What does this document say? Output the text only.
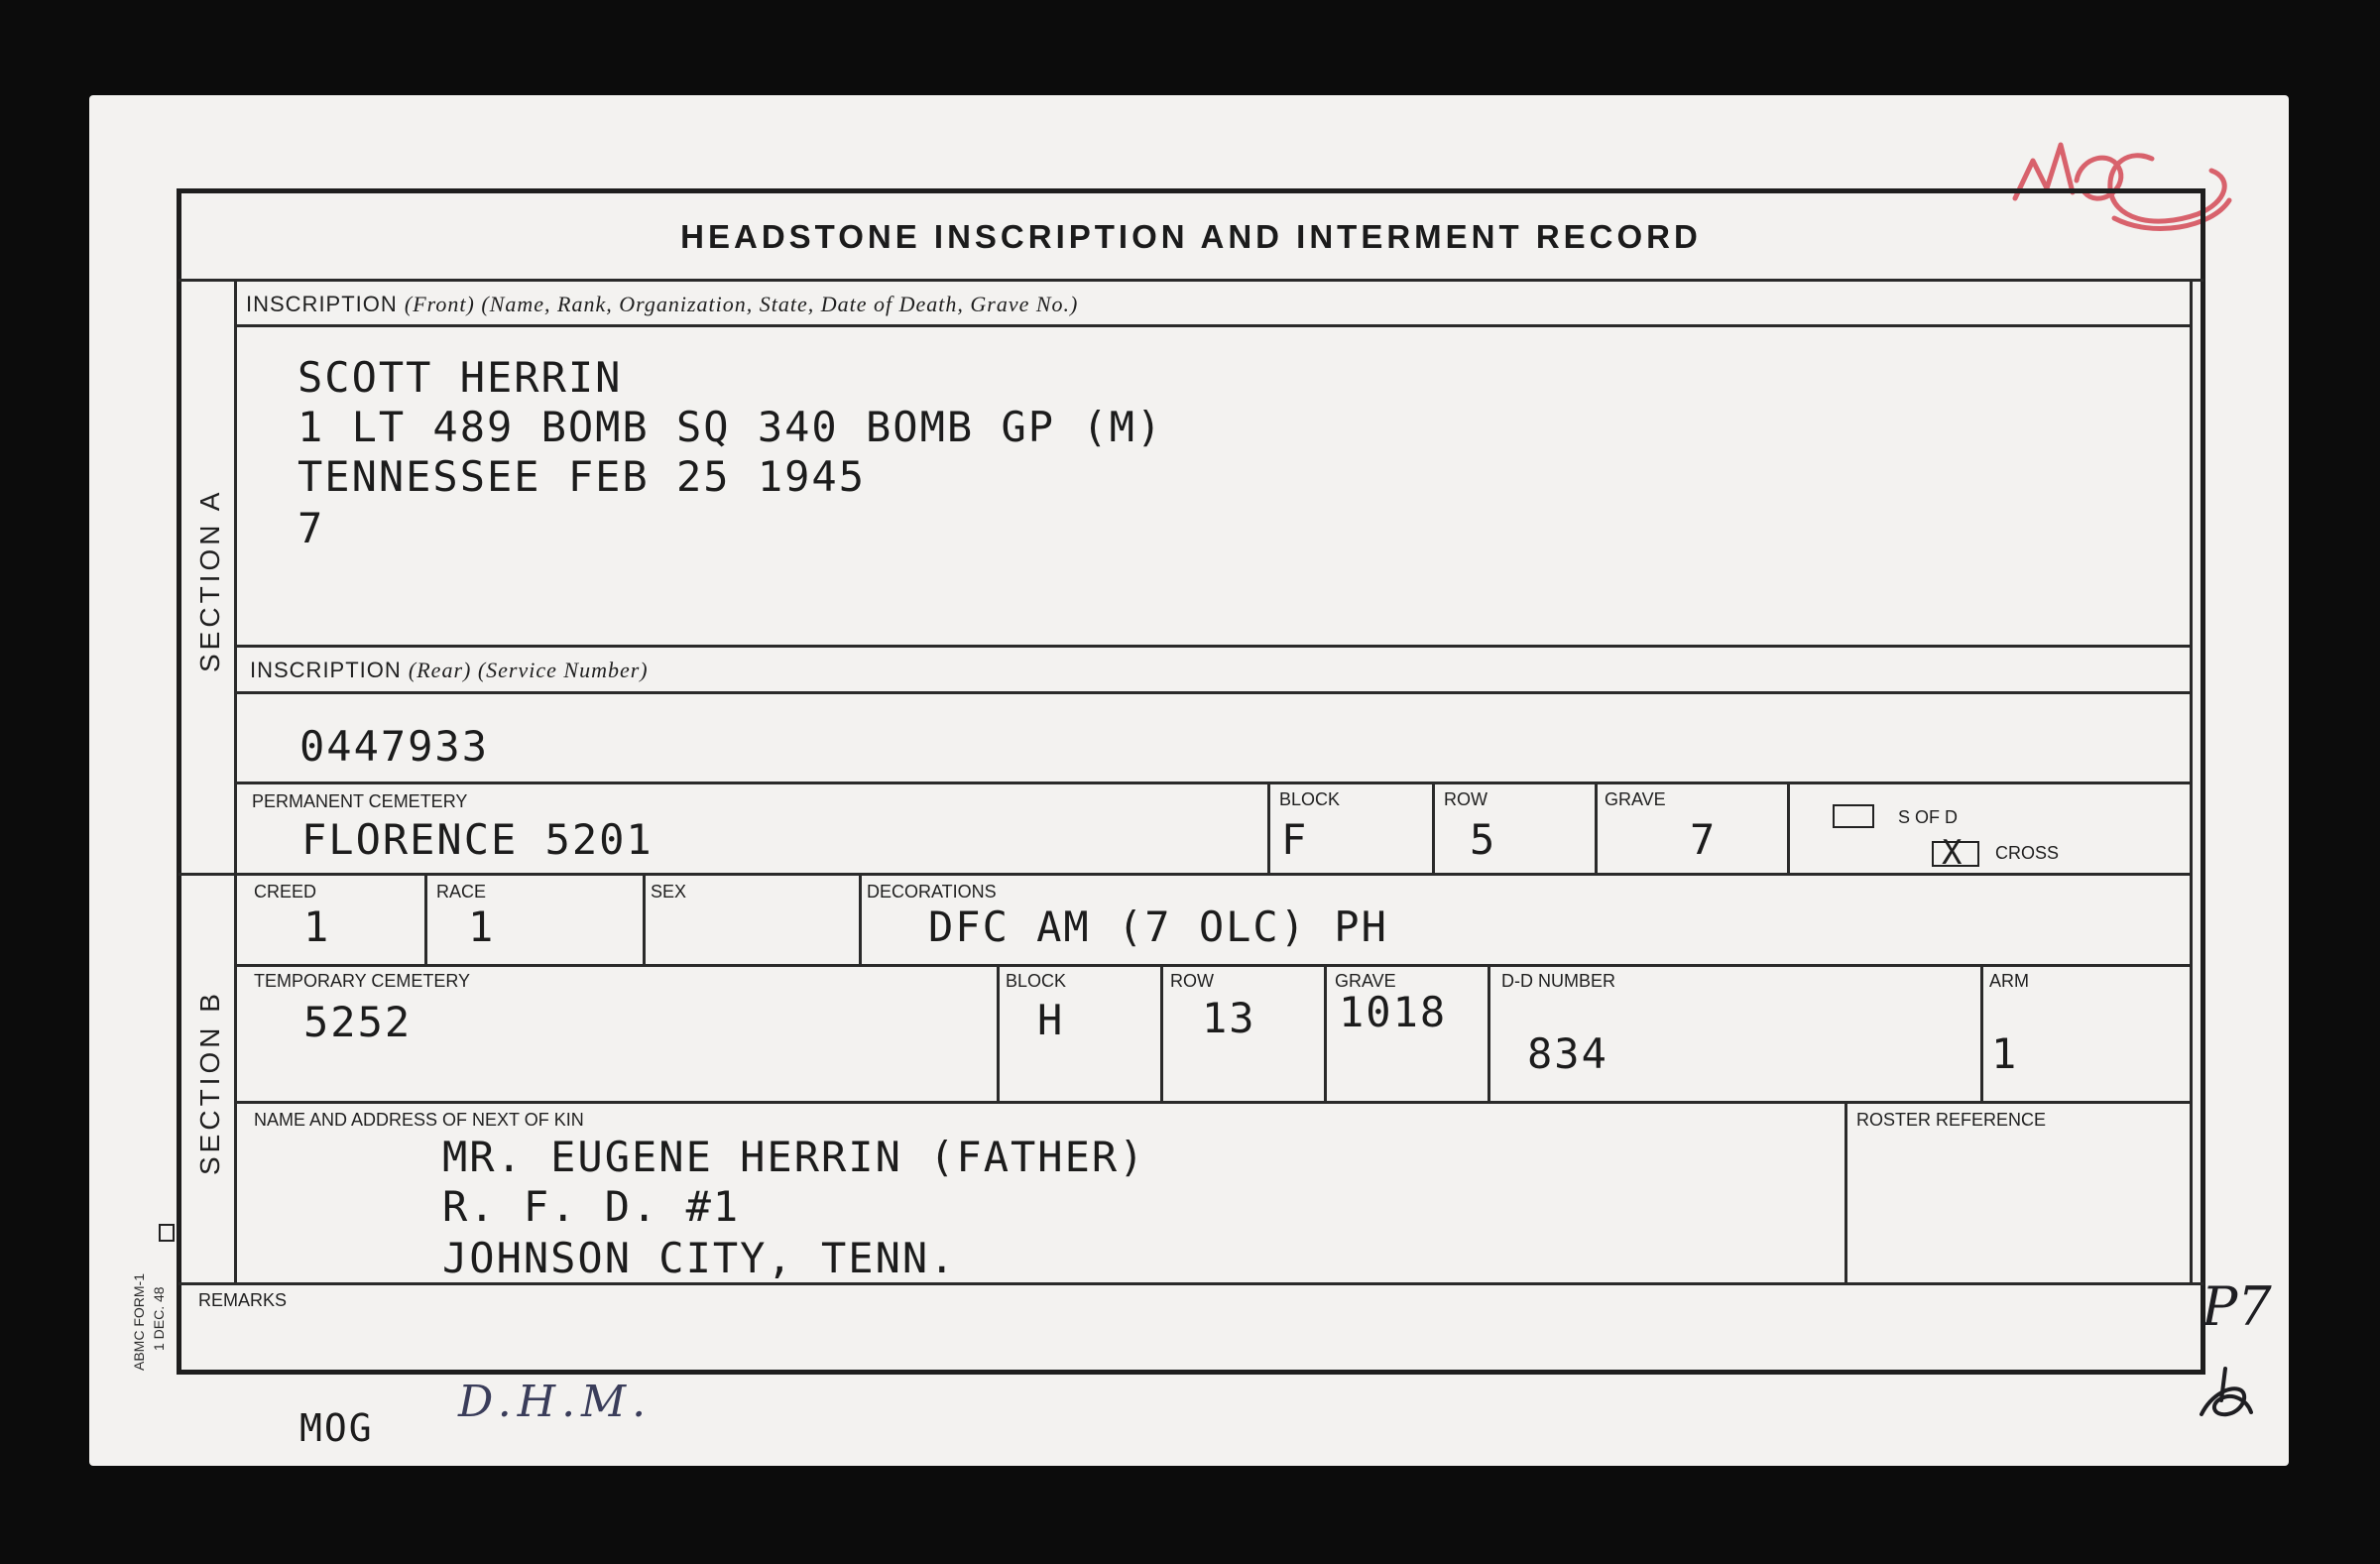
HEADSTONE INSCRIPTION AND INTERMENT RECORD
SECTION A
SECTION B
INSCRIPTION (Front) (Name, Rank, Organization, State, Date of Death, Grave No.)
SCOTT HERRIN
1 LT 489 BOMB SQ 340 BOMB GP (M)
TENNESSEE FEB 25 1945
7
INSCRIPTION (Rear) (Service Number)
0447933
PERMANENT CEMETERY
FLORENCE 5201
BLOCK
F
ROW
5
GRAVE
7	S OF D
X CROSS
CREED
1
RACE
1
SEX	DECORATIONS
DFC AM (7 OLC) PH
TEMPORARY CEMETERY
5252
BLOCK
H
ROW
13
GRAVE
1018
D-D NUMBER
834
ARM
1
NAME AND ADDRESS OF NEXT OF KIN
MR. EUGENE HERRIN (FATHER)
R. F. D. #1
JOHNSON CITY, TENN.
ROSTER REFERENCE
REMARKS
ABMC FORM-1 1 DEC. 48
MOG
D.H.M.
P7
